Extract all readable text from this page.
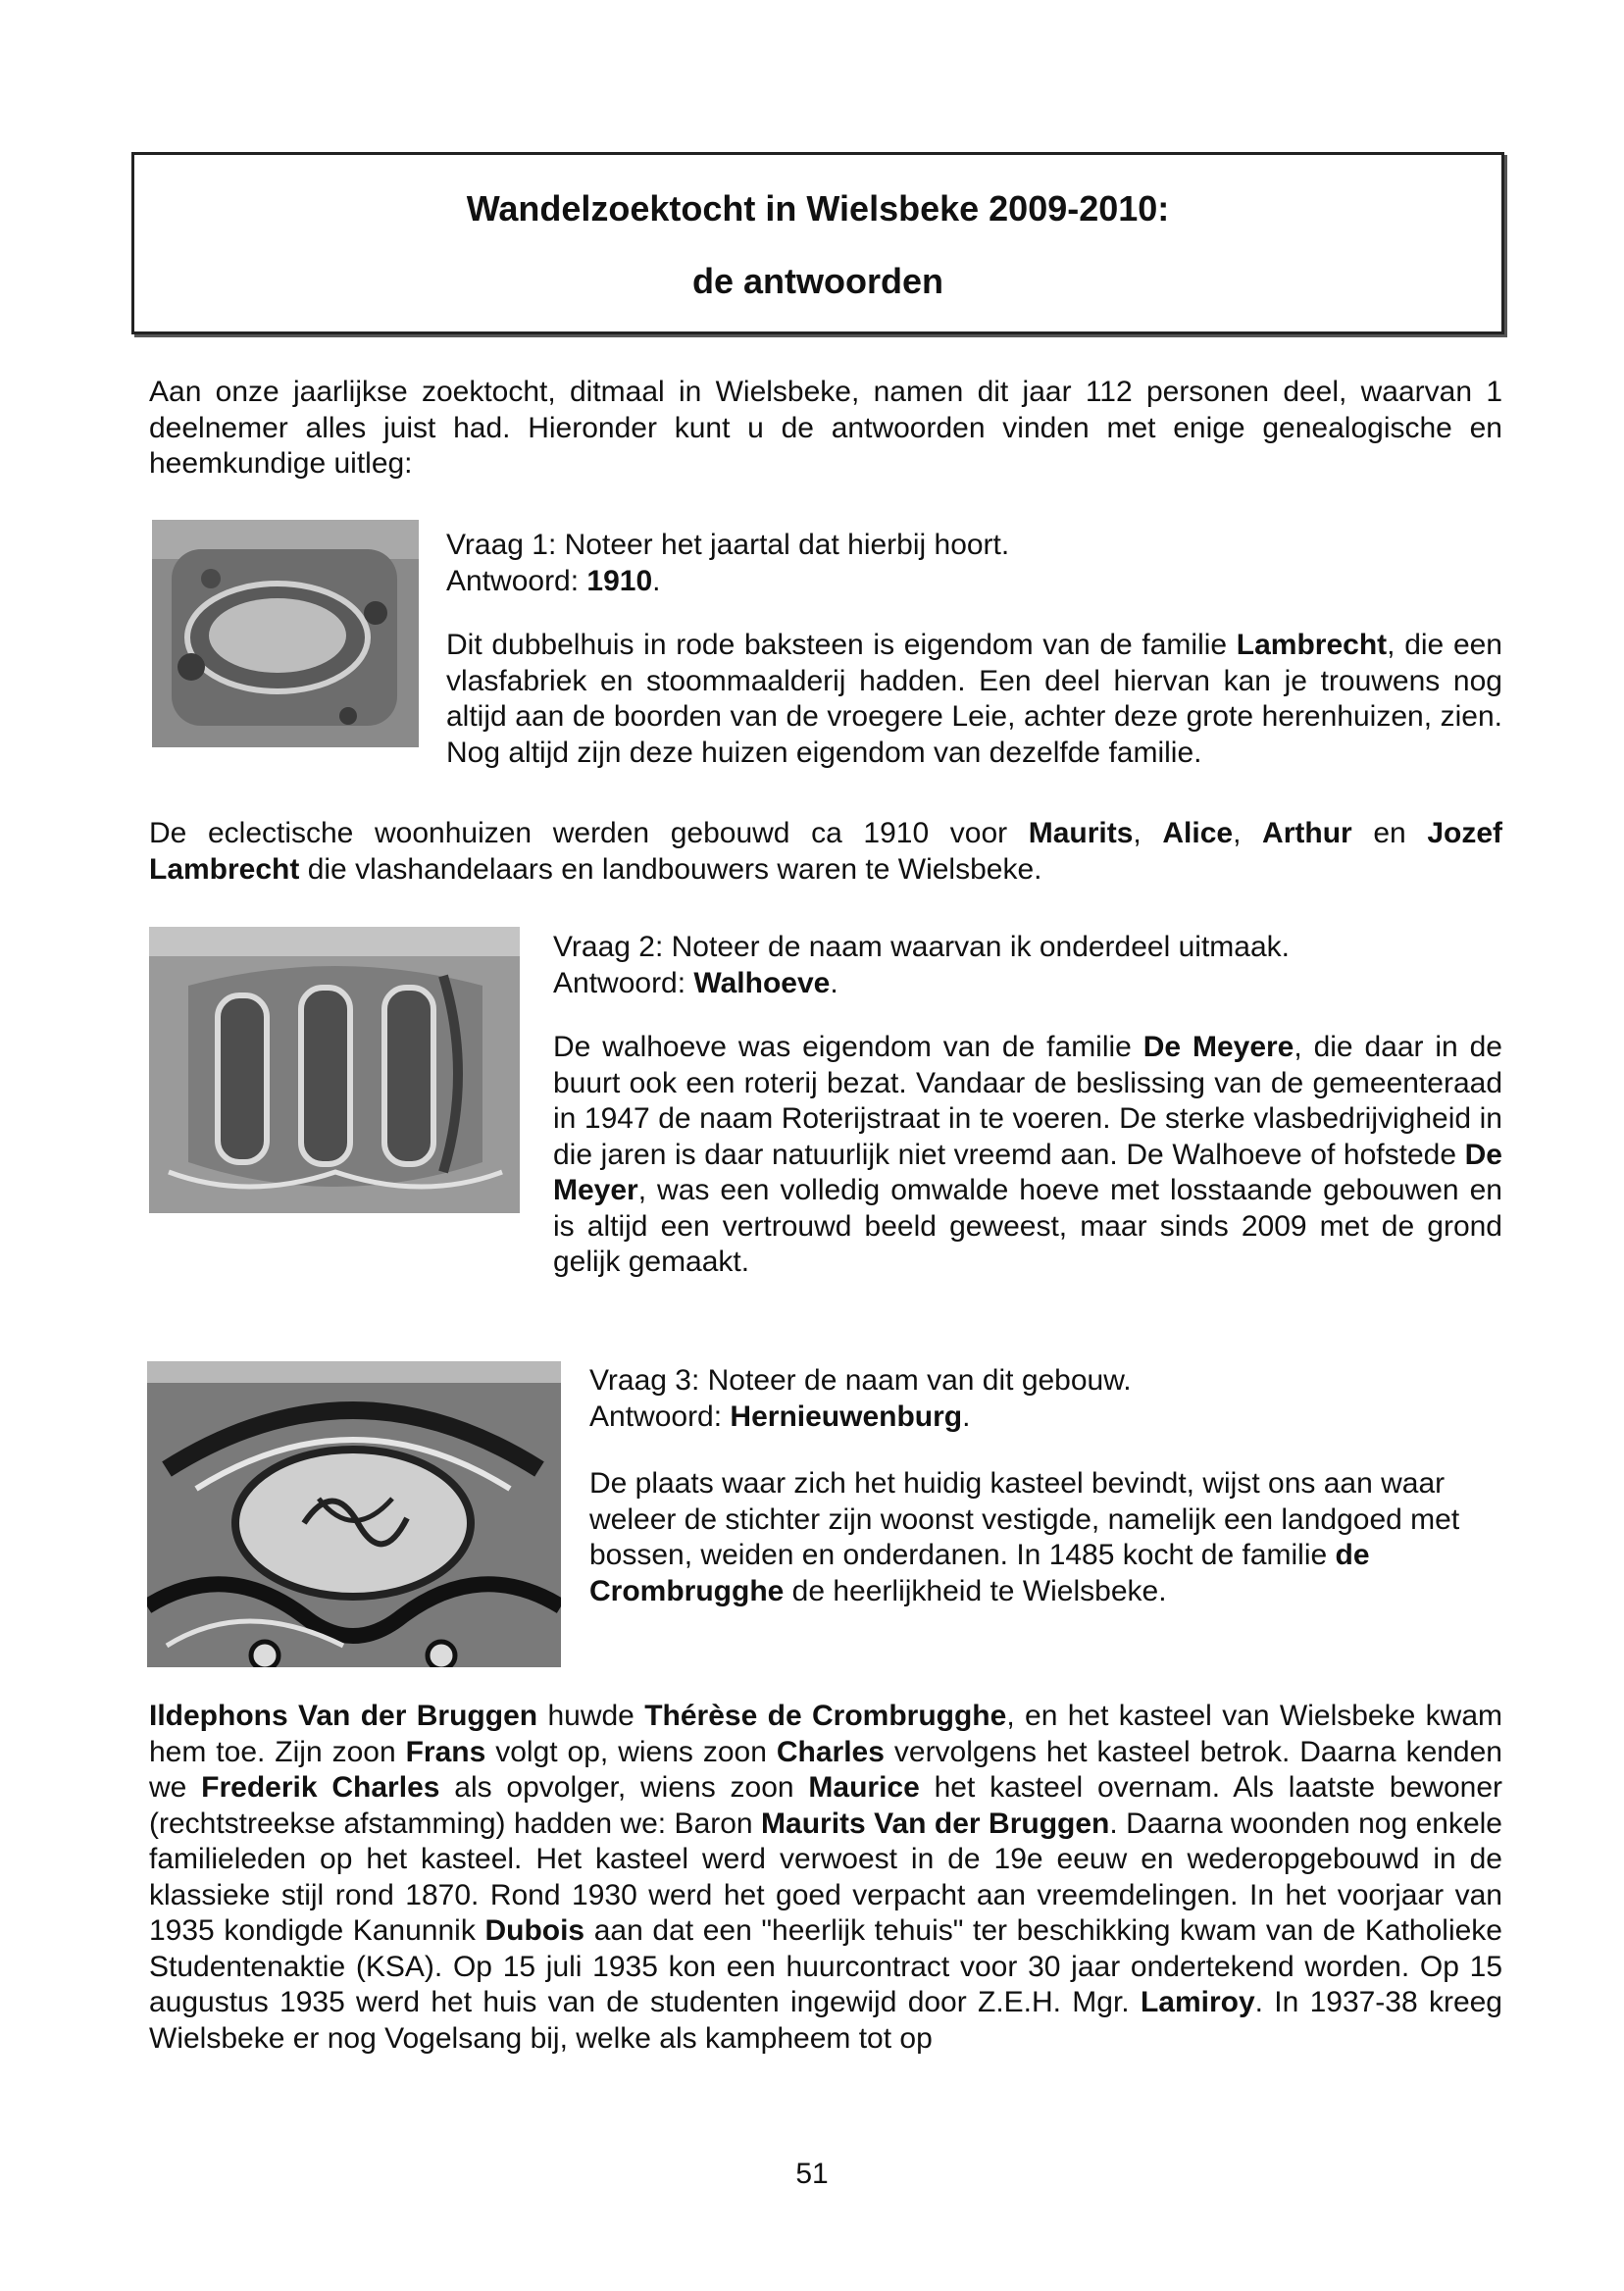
Wandelzoektocht in Wielsbeke 2009-2010:
de antwoorden

Aan onze jaarlijkse zoektocht, ditmaal in Wielsbeke, namen dit jaar 112 personen deel, waarvan 1 deelnemer alles juist had. Hieronder kunt u de antwoorden vinden met enige genealogische en heemkundige uitleg:

Vraag 1: Noteer het jaartal dat hierbij hoort.
Antwoord: 1910.

Dit dubbelhuis in rode baksteen is eigendom van de familie Lambrecht, die een vlasfabriek en stoommaalderij hadden. Een deel hiervan kan je trouwens nog altijd aan de boorden van de vroegere Leie, achter deze grote herenhuizen, zien. Nog altijd zijn deze huizen eigendom van dezelfde familie.

De eclectische woonhuizen werden gebouwd ca 1910 voor Maurits, Alice, Arthur en Jozef Lambrecht die vlashandelaars en landbouwers waren te Wielsbeke.

Vraag 2: Noteer de naam waarvan ik onderdeel uitmaak.
Antwoord: Walhoeve.

De walhoeve was eigendom van de familie De Meyere, die daar in de buurt ook een roterij bezat. Vandaar de beslissing van de gemeenteraad in 1947 de naam Roterijstraat in te voeren. De sterke vlasbedrijvigheid in die jaren is daar natuurlijk niet vreemd aan. De Walhoeve of hofstede De Meyer, was een volledig omwalde hoeve met losstaande gebouwen en is altijd een vertrouwd beeld geweest, maar sinds 2009 met de grond gelijk gemaakt.

Vraag 3: Noteer de naam van dit gebouw.
Antwoord: Hernieuwenburg.

De plaats waar zich het huidig kasteel bevindt, wijst ons aan waar weleer de stichter zijn woonst vestigde, namelijk een landgoed met bossen, weiden en onderdanen. In 1485 kocht de familie de Crombrugghe de heerlijkheid te Wielsbeke.

Ildephons Van der Bruggen huwde Thérèse de Crombrugghe, en het kasteel van Wielsbeke kwam hem toe. Zijn zoon Frans volgt op, wiens zoon Charles vervolgens het kasteel betrok. Daarna kenden we Frederik Charles als opvolger, wiens zoon Maurice het kasteel overnam. Als laatste bewoner (rechtstreekse afstamming) hadden we: Baron Maurits Van der Bruggen. Daarna woonden nog enkele familieleden op het kasteel. Het kasteel werd verwoest in de 19e eeuw en wederopgebouwd in de klassieke stijl rond 1870. Rond 1930 werd het goed verpacht aan vreemdelingen. In het voorjaar van 1935 kondigde Kanunnik Dubois aan dat een "heerlijk tehuis" ter beschikking kwam van de Katholieke Studentenaktie (KSA). Op 15 juli 1935 kon een huurcontract voor 30 jaar ondertekend worden. Op 15 augustus 1935 werd het huis van de studenten ingewijd door Z.E.H. Mgr. Lamiroy. In 1937-38 kreeg Wielsbeke er nog Vogelsang bij, welke als kampheem tot op

51
